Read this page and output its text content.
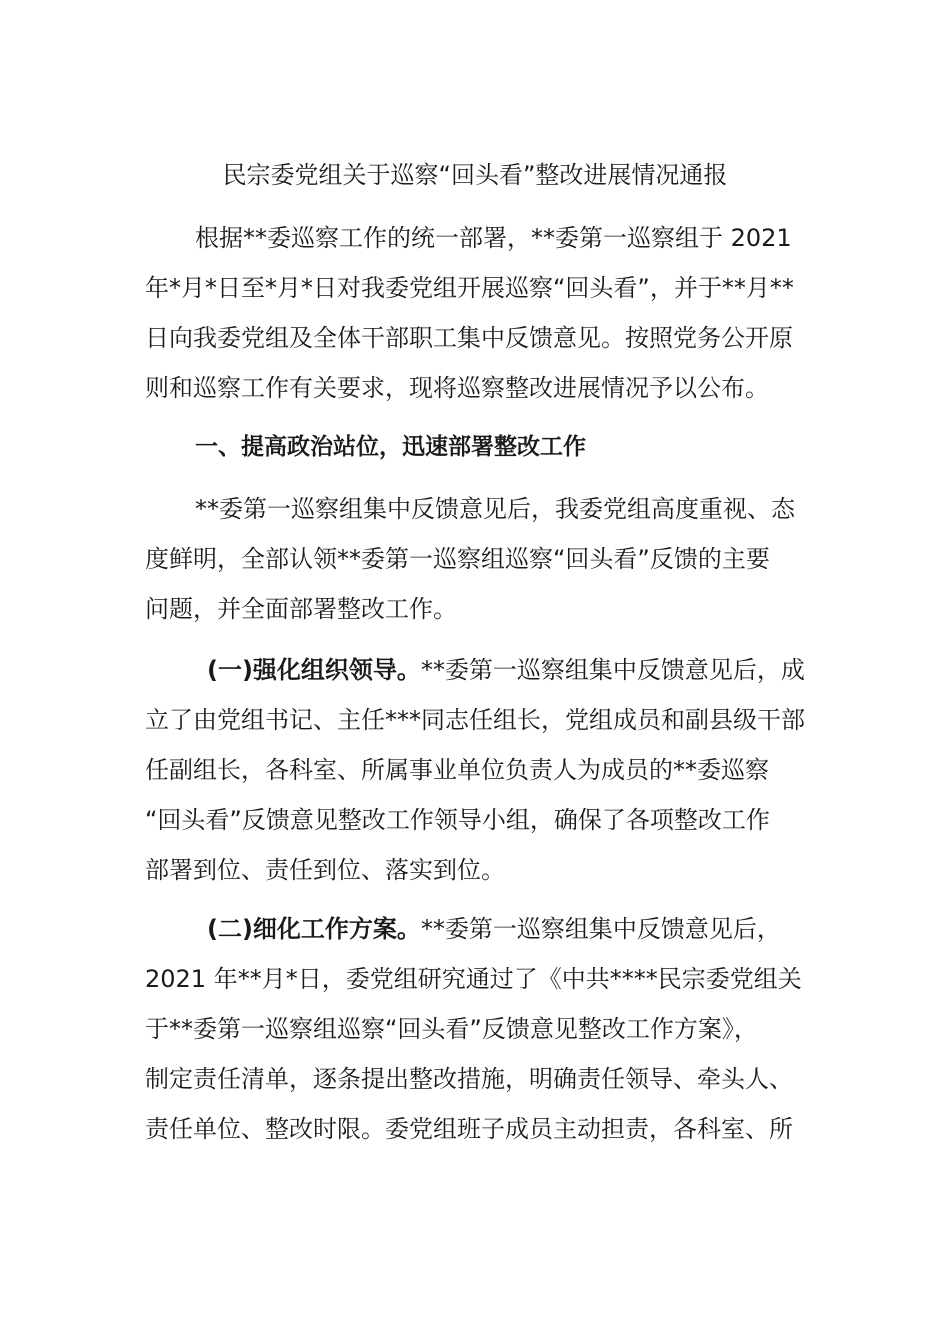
民宗委党组关于巡察“回头看”整改进展情况通报

根据**委巡察工作的统一部署，**委第一巡察组于 2021
年*月*日至*月*日对我委党组开展巡察“回头看”，并于**月**
日向我委党组及全体干部职工集中反馈意见。按照党务公开原
则和巡察工作有关要求，现将巡察整改进展情况予以公布。

一、提高政治站位，迅速部署整改工作

**委第一巡察组集中反馈意见后，我委党组高度重视、态
度鲜明，全部认领**委第一巡察组巡察“回头看”反馈的主要
问题，并全面部署整改工作。

(一)强化组织领导。**委第一巡察组集中反馈意见后，成
立了由党组书记、主任***同志任组长，党组成员和副县级干部
任副组长，各科室、所属事业单位负责人为成员的**委巡察
“回头看”反馈意见整改工作领导小组，确保了各项整改工作
部署到位、责任到位、落实到位。

(二)细化工作方案。**委第一巡察组集中反馈意见后，
2021 年**月*日，委党组研究通过了《中共****民宗委党组关
于**委第一巡察组巡察“回头看”反馈意见整改工作方案》，
制定责任清单，逐条提出整改措施，明确责任领导、牵头人、
责任单位、整改时限。委党组班子成员主动担责，各科室、所
